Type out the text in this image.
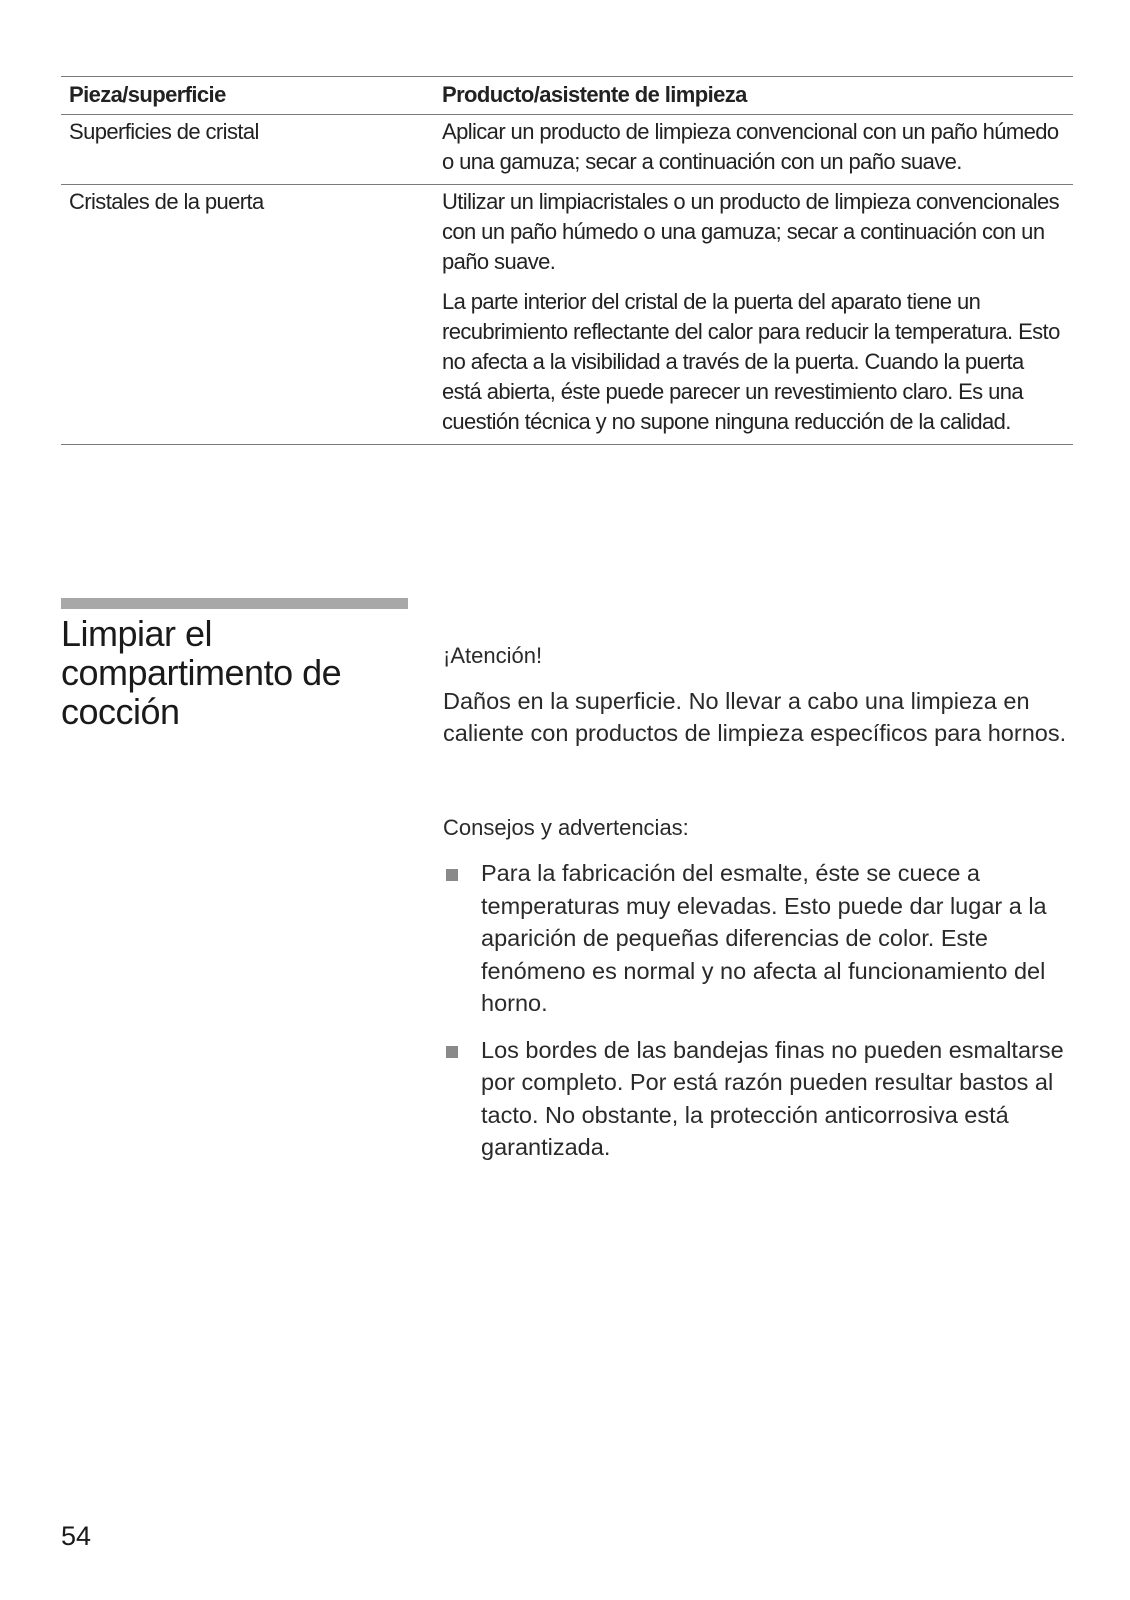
Pieza/superficie	Producto/asistente de limpieza
Superficies de cristal	Aplicar un producto de limpieza convencional con un paño húmedo o una gamuza; secar a continuación con un paño suave.
Cristales de la puerta	Utilizar un limpiacristales o un producto de limpieza convencionales con un paño húmedo o una gamuza; secar a continuación con un paño suave.
La parte interior del cristal de la puerta del aparato tiene un recubrimiento reflectante del calor para reducir la temperatura. Esto no afecta a la visibilidad a través de la puerta. Cuando la puerta está abierta, éste puede parecer un revestimiento claro. Es una cuestión técnica y no supone ninguna reducción de la calidad.
Limpiar el compartimento de cocción

¡Atención!

Daños en la superficie. No llevar a cabo una limpieza en caliente con productos de limpieza específicos para hornos.

Consejos y advertencias:

Para la fabricación del esmalte, éste se cuece a temperaturas muy elevadas. Esto puede dar lugar a la aparición de pequeñas diferencias de color. Este fenómeno es normal y no afecta al funcionamiento del horno.
Los bordes de las bandejas finas no pueden esmaltarse por completo. Por está razón pueden resultar bastos al tacto. No obstante, la protección anticorrosiva está garantizada.
54
